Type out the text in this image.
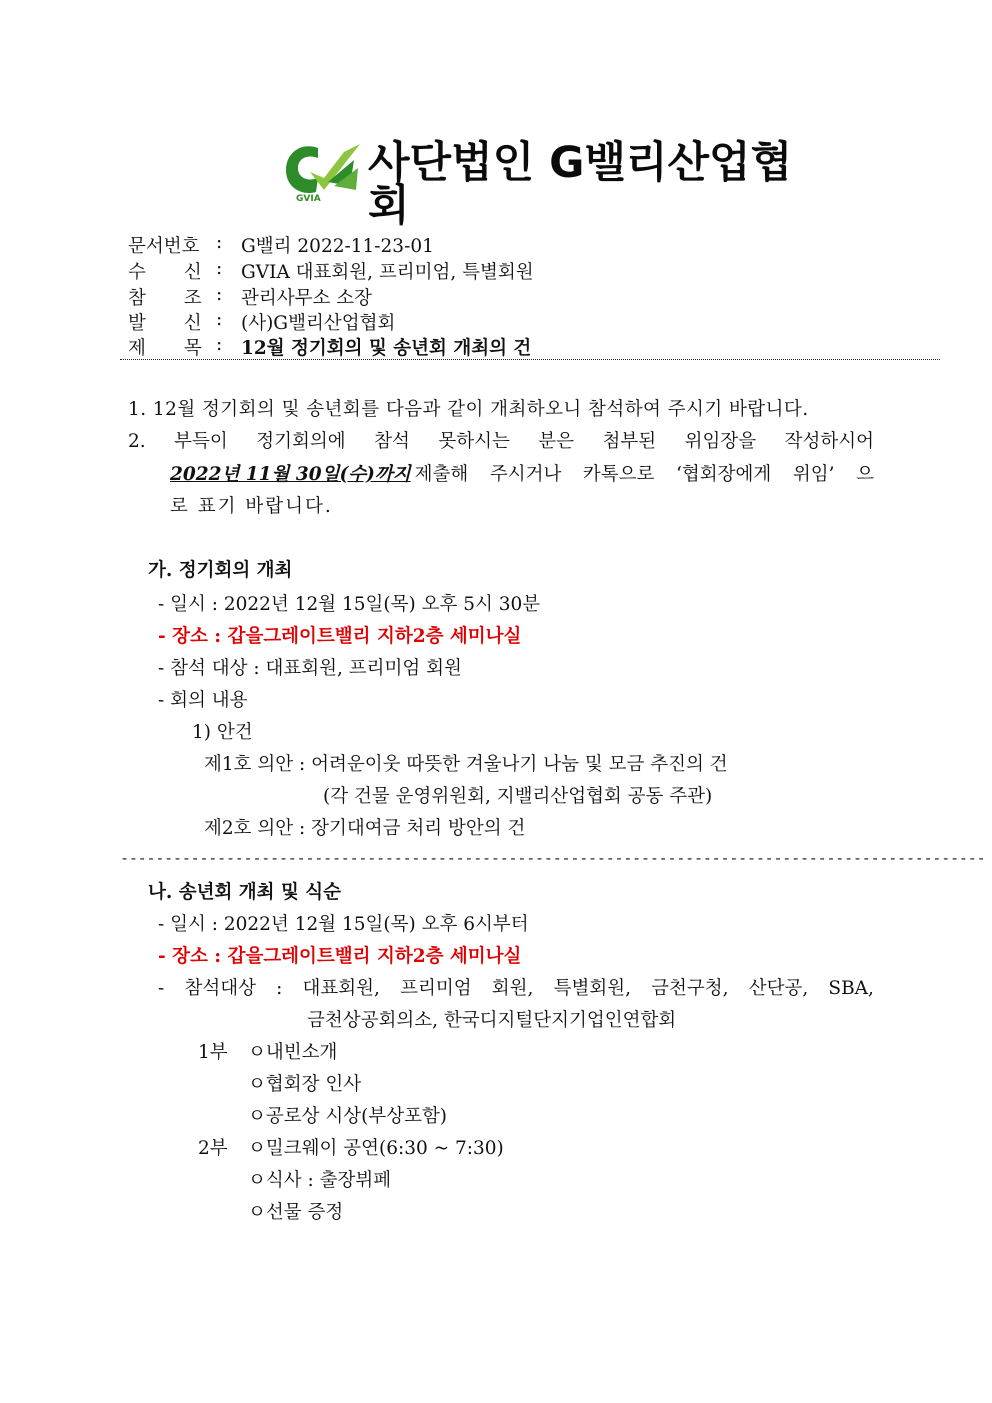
GVIA
사단법인 G밸리산업협회
문서번호 : G밸리 2022-11-23-01
수 신 : GVIA 대표회원, 프리미엄, 특별회원
참 조 : 관리사무소 소장
발 신 : (사)G밸리산업협회
제 목 : 12월 정기회의 및 송년회 개최의 건
1. 12월 정기회의 및 송년회를 다음과 같이 개최하오니 참석하여 주시기 바랍니다.
2. 부득이 정기회의에 참석 못하시는 분은 첨부된 위임장을 작성하시어
2022년 11월 30일(수)까지 제출해 주시거나 카톡으로 ‘협회장에게 위임’ 으
로 표기 바랍니다.
가. 정기회의 개최
- 일시 : 2022년 12월 15일(목) 오후 5시 30분
- 장소 : 갑을그레이트밸리 지하2층 세미나실
- 참석 대상 : 대표회원, 프리미엄 회원
- 회의 내용
1) 안건
제1호 의안 : 어려운이웃 따뜻한 겨울나기 나눔 및 모금 추진의 건
(각 건물 운영위원회, 지밸리산업협회 공동 주관)
제2호 의안 : 장기대여금 처리 방안의 건
--------------------------------------------------------------------------------------------------
나. 송년회 개최 및 식순
- 일시 : 2022년 12월 15일(목) 오후 6시부터
- 장소 : 갑을그레이트밸리 지하2층 세미나실
- 참석대상 : 대표회원, 프리미엄 회원, 특별회원, 금천구청, 산단공, SBA,
금천상공회의소, 한국디지털단지기업인연합회
1부 ㅇ내빈소개
ㅇ협회장 인사
ㅇ공로상 시상(부상포함)
2부 ㅇ밀크웨이 공연(6:30 ~ 7:30)
ㅇ식사 : 출장뷔페
ㅇ선물 증정
